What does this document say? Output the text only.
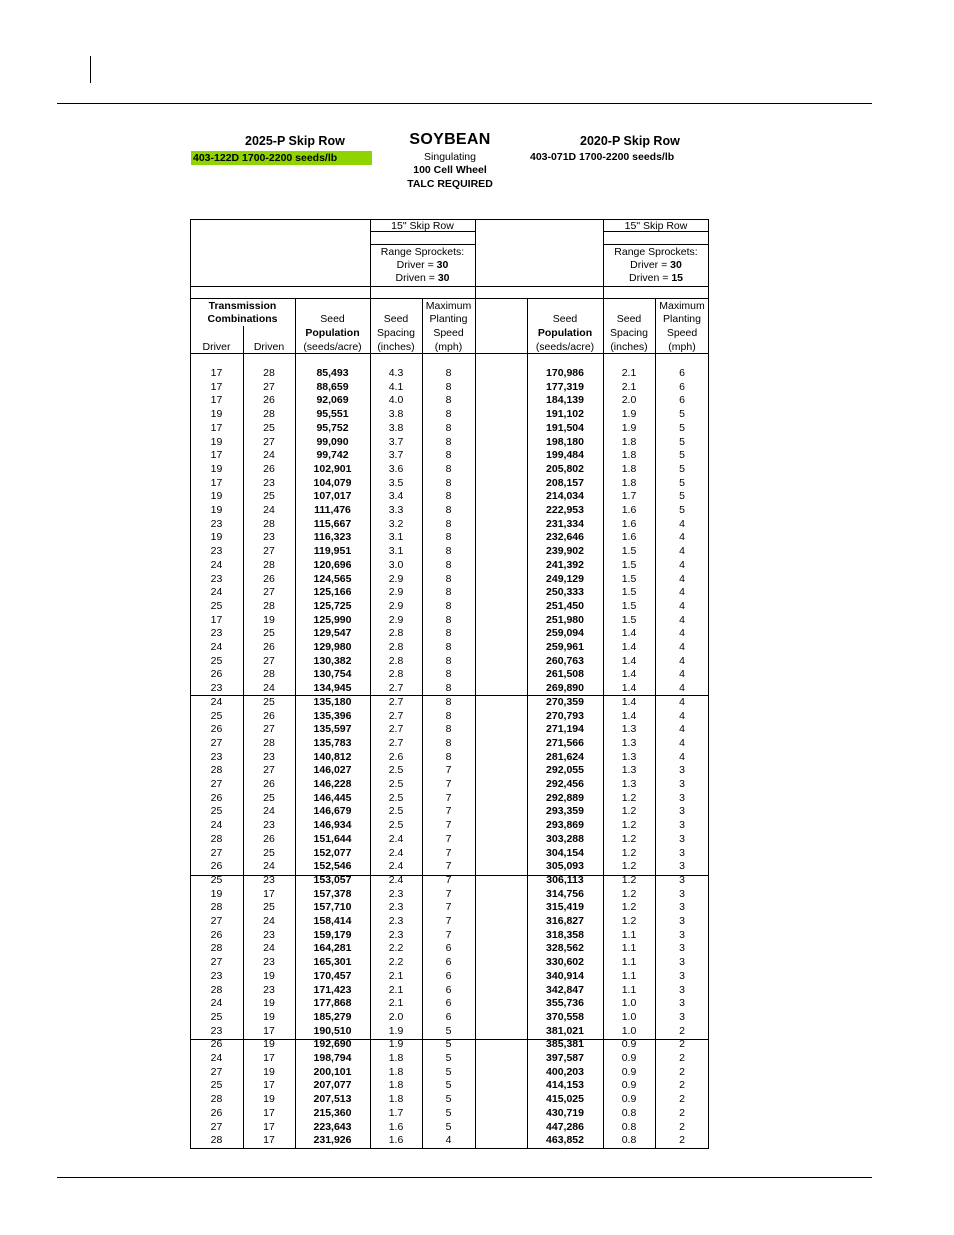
2025-P Skip Row
403-122D 1700-2200 seeds/lb
SOYBEAN
Singulating
100 Cell Wheel
TALC REQUIRED
2020-P Skip Row
403-071D 1700-2200 seeds/lb
15" Skip Row
Range Sprockets:
Driver = 30
Driven = 30
15" Skip Row
Range Sprockets:
Driver = 30
Driven = 15
Transmission
Combinations
Driver	Driven
Seed
Population
(seeds/acre)
Seed
Spacing
(inches)
Maximum
Planting
Speed
(mph)
Seed
Population
(seeds/acre)
Seed
Spacing
(inches)
Maximum
Planting
Speed
(mph)
17	28	85,493	4.3	8	170,986	2.1	6
17	27	88,659	4.1	8	177,319	2.1	6
17	26	92,069	4.0	8	184,139	2.0	6
19	28	95,551	3.8	8	191,102	1.9	5
17	25	95,752	3.8	8	191,504	1.9	5
19	27	99,090	3.7	8	198,180	1.8	5
17	24	99,742	3.7	8	199,484	1.8	5
19	26	102,901	3.6	8	205,802	1.8	5
17	23	104,079	3.5	8	208,157	1.8	5
19	25	107,017	3.4	8	214,034	1.7	5
19	24	111,476	3.3	8	222,953	1.6	5
23	28	115,667	3.2	8	231,334	1.6	4
19	23	116,323	3.1	8	232,646	1.6	4
23	27	119,951	3.1	8	239,902	1.5	4
24	28	120,696	3.0	8	241,392	1.5	4
23	26	124,565	2.9	8	249,129	1.5	4
24	27	125,166	2.9	8	250,333	1.5	4
25	28	125,725	2.9	8	251,450	1.5	4
17	19	125,990	2.9	8	251,980	1.5	4
23	25	129,547	2.8	8	259,094	1.4	4
24	26	129,980	2.8	8	259,961	1.4	4
25	27	130,382	2.8	8	260,763	1.4	4
26	28	130,754	2.8	8	261,508	1.4	4
23	24	134,945	2.7	8	269,890	1.4	4
24	25	135,180	2.7	8	270,359	1.4	4
25	26	135,396	2.7	8	270,793	1.4	4
26	27	135,597	2.7	8	271,194	1.3	4
27	28	135,783	2.7	8	271,566	1.3	4
23	23	140,812	2.6	8	281,624	1.3	4
28	27	146,027	2.5	7	292,055	1.3	3
27	26	146,228	2.5	7	292,456	1.3	3
26	25	146,445	2.5	7	292,889	1.2	3
25	24	146,679	2.5	7	293,359	1.2	3
24	23	146,934	2.5	7	293,869	1.2	3
28	26	151,644	2.4	7	303,288	1.2	3
27	25	152,077	2.4	7	304,154	1.2	3
26	24	152,546	2.4	7	305,093	1.2	3
25	23	153,057	2.4	7	306,113	1.2	3
19	17	157,378	2.3	7	314,756	1.2	3
28	25	157,710	2.3	7	315,419	1.2	3
27	24	158,414	2.3	7	316,827	1.2	3
26	23	159,179	2.3	7	318,358	1.1	3
28	24	164,281	2.2	6	328,562	1.1	3
27	23	165,301	2.2	6	330,602	1.1	3
23	19	170,457	2.1	6	340,914	1.1	3
28	23	171,423	2.1	6	342,847	1.1	3
24	19	177,868	2.1	6	355,736	1.0	3
25	19	185,279	2.0	6	370,558	1.0	3
23	17	190,510	1.9	5	381,021	1.0	2
26	19	192,690	1.9	5	385,381	0.9	2
24	17	198,794	1.8	5	397,587	0.9	2
27	19	200,101	1.8	5	400,203	0.9	2
25	17	207,077	1.8	5	414,153	0.9	2
28	19	207,513	1.8	5	415,025	0.9	2
26	17	215,360	1.7	5	430,719	0.8	2
27	17	223,643	1.6	5	447,286	0.8	2
28	17	231,926	1.6	4	463,852	0.8	2
